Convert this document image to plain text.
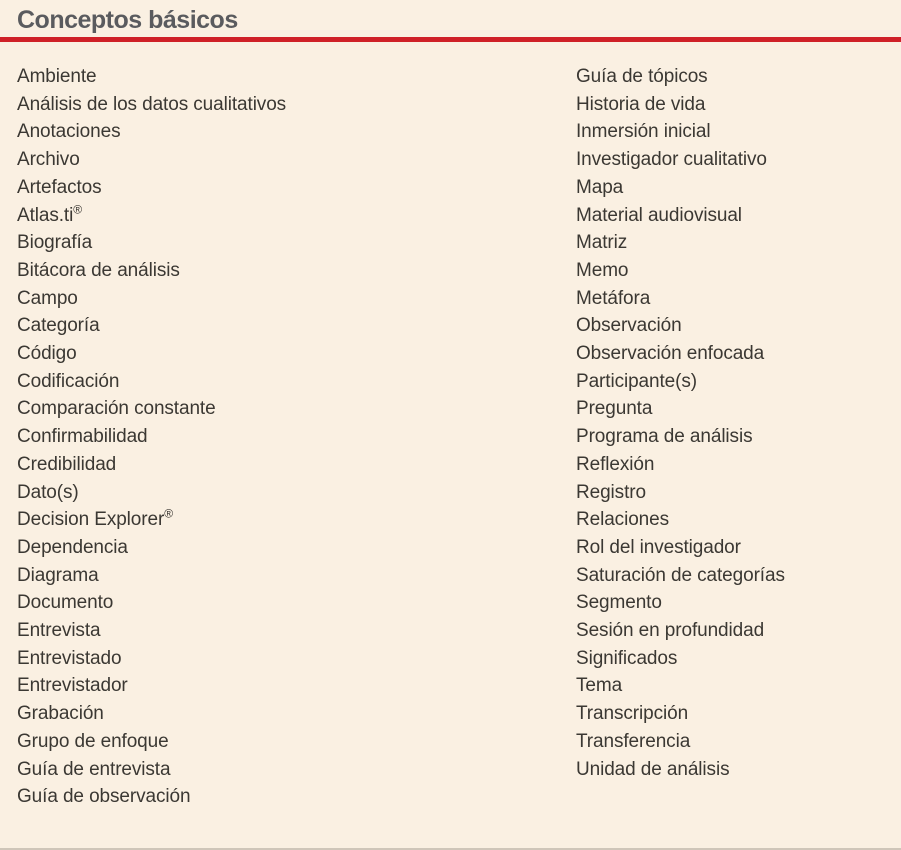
Conceptos básicos
Ambiente
Análisis de los datos cualitativos
Anotaciones
Archivo
Artefactos
Atlas.ti®
Biografía
Bitácora de análisis
Campo
Categoría
Código
Codificación
Comparación constante
Confirmabilidad
Credibilidad
Dato(s)
Decision Explorer®
Dependencia
Diagrama
Documento
Entrevista
Entrevistado
Entrevistador
Grabación
Grupo de enfoque
Guía de entrevista
Guía de observación
Guía de tópicos
Historia de vida
Inmersión inicial
Investigador cualitativo
Mapa
Material audiovisual
Matriz
Memo
Metáfora
Observación
Observación enfocada
Participante(s)
Pregunta
Programa de análisis
Reflexión
Registro
Relaciones
Rol del investigador
Saturación de categorías
Segmento
Sesión en profundidad
Significados
Tema
Transcripción
Transferencia
Unidad de análisis
